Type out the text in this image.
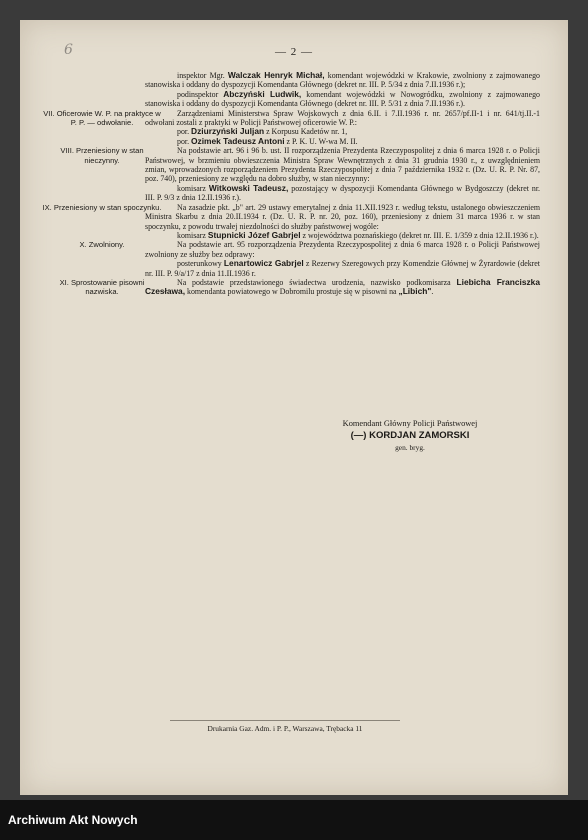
6	— 2 —

inspektor Mgr. Walczak Henryk Michał, komendant wojewódzki w Krakowie, zwolniony z zajmowanego stanowiska i oddany do dyspozycji Komendanta Głównego (dekret nr. III. P. 5/34 z dnia 7.II.1936 r.);

podinspektor Abczyński Ludwik, komendant wojewódzki w Nowogródku, zwolniony z zajmowanego stanowiska i oddany do dyspozycji Komendanta Głównego (dekret nr. III. P. 5/31 z dnia 7.II.1936 r.).

VII. Oficerowie W. P. na praktyce w P. P. — odwołanie.

Zarządzeniami Ministerstwa Spraw Wojskowych z dnia 6.II. i 7.II.1936 r. nr. 2657/pf.II-1 i nr. 641/tj.II.-1 odwołani zostali z praktyki w Policji Państwowej oficerowie W. P.:

por. Dziurzyński Juljan z Korpusu Kadetów nr. 1,

por. Ozimek Tadeusz Antoni z P. K. U. W-wa M. II.

VIII. Przeniesiony w stan nieczynny.

Na podstawie art. 96 i 96 b. ust. II rozporządzenia Prezydenta Rzeczypospolitej z dnia 6 marca 1928 r. o Policji Państwowej, w brzmieniu obwieszczenia Ministra Spraw Wewnętrznych z dnia 31 grudnia 1930 r., z uwzględnieniem zmian, wprowadzonych rozporządzeniem Prezydenta Rzeczypospolitej z dnia 7 października 1932 r. (Dz. U. R. P. Nr. 87, poz. 740), przeniesiony ze względu na dobro służby, w stan nieczynny:

komisarz Witkowski Tadeusz, pozostający w dyspozycji Komendanta Głównego w Bydgoszczy (dekret nr. III. P. 9/3 z dnia 12.II.1936 r.).

IX. Przeniesiony w stan spoczynku.	Na zasadzie pkt. „b" art. 29 ustawy emerytalnej z dnia 11.XII.1923 r. według tekstu, ustalonego obwieszczeniem Ministra Skarbu z dnia 20.II.1934 r. (Dz. U. R. P. nr. 20, poz. 160), przeniesiony z dniem 31 marca 1936 r. w stan spoczynku, z powodu trwałej niezdolności do służby państwowej wogóle:

komisarz Stupnicki Józef Gabrjel z województwa poznańskiego (dekret nr. III. E. 1/359 z dnia 12.II.1936 r.).

X. Zwolniony.	Na podstawie art. 95 rozporządzenia Prezydenta Rzeczypospolitej z dnia 6 marca 1928 r. o Policji Państwowej zwolniony ze służby bez odprawy:

posterunkowy Lenartowicz Gabrjel z Rezerwy Szeregowych przy Komendzie Głównej w Żyrardowie (dekret nr. III. P. 9/a/17 z dnia 11.II.1936 r.

XI. Sprostowanie pisowni nazwiska.

Na podstawie przedstawionego świadectwa urodzenia, nazwisko podkomisarza Liebicha Franciszka Czesława, komendanta powiatowego w Dobromilu prostuje się w pisowni na „Libich".

Komendant Główny Policji Państwowej
(—) KORDJAN ZAMORSKI
gen. bryg.
Drukarnia Gaz. Adm. i P. P., Warszawa, Trębacka 11
Archiwum Akt Nowych
